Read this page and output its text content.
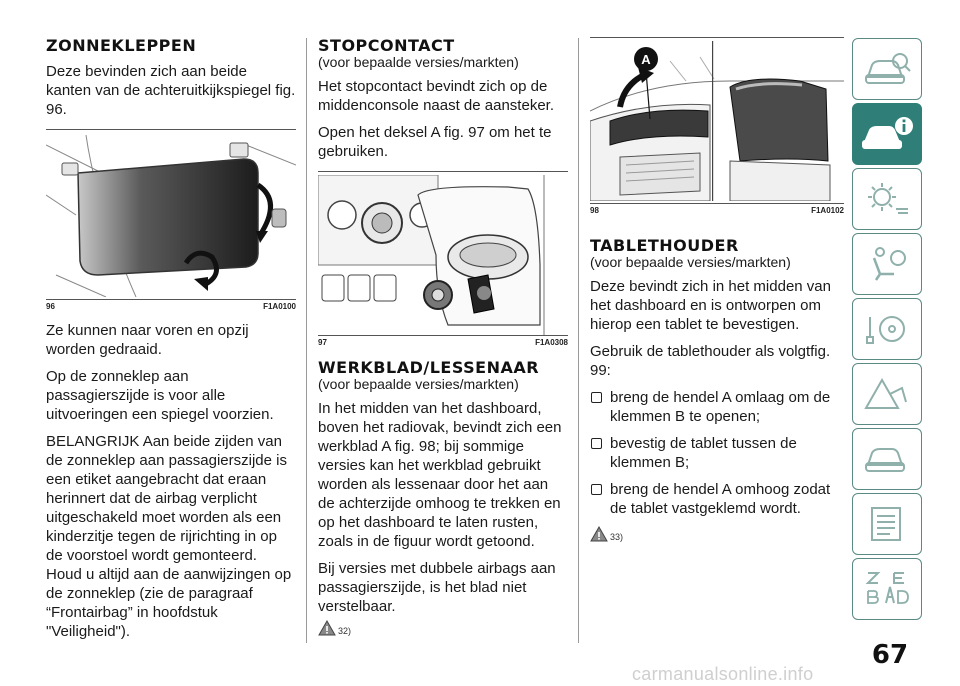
ZONNEKLEPPEN

Deze bevinden zich aan beide kanten van de achteruitkijkspiegel fig. 96.

96	F1A0100

Ze kunnen naar voren en opzij worden gedraaid.

Op de zonneklep aan passagierszijde is voor alle uitvoeringen een spiegel voorzien.

BELANGRIJK Aan beide zijden van de zonneklep aan passagierszijde is een etiket aangebracht dat eraan herinnert dat de airbag verplicht uitgeschakeld moet worden als een kinderzitje tegen de rijrichting in op de voorstoel wordt gemonteerd. Houd u altijd aan de aanwijzingen op de zonneklep (zie de paragraaf “Frontairbag” in hoofdstuk "Veiligheid").

STOPCONTACT
(voor bepaalde versies/markten)

Het stopcontact bevindt zich op de middenconsole naast de aansteker.

Open het deksel A fig. 97 om het te gebruiken.

97	F1A0308
WERKBLAD/LESSENAAR
(voor bepaalde versies/markten)

In het midden van het dashboard, boven het radiovak, bevindt zich een werkblad A fig. 98; bij sommige versies kan het werkblad gebruikt worden als lessenaar door het aan de achterzijde omhoog te trekken en op het dashboard te laten rusten, zoals in de figuur wordt getoond.

Bij versies met dubbele airbags aan passagierszijde, is het blad niet verstelbaar.

32)
A
98	F1A0102
TABLETHOUDER
(voor bepaalde versies/markten)

Deze bevindt zich in het midden van het dashboard en is ontworpen om hierop een tablet te bevestigen.

Gebruik de tablethouder als volgtfig. 99:

breng de hendel A omlaag om de klemmen B te openen;
bevestig de tablet tussen de klemmen B;
breng de hendel A omhoog zodat de tablet vastgeklemd wordt.
33)
67
carmanualsonline.info
